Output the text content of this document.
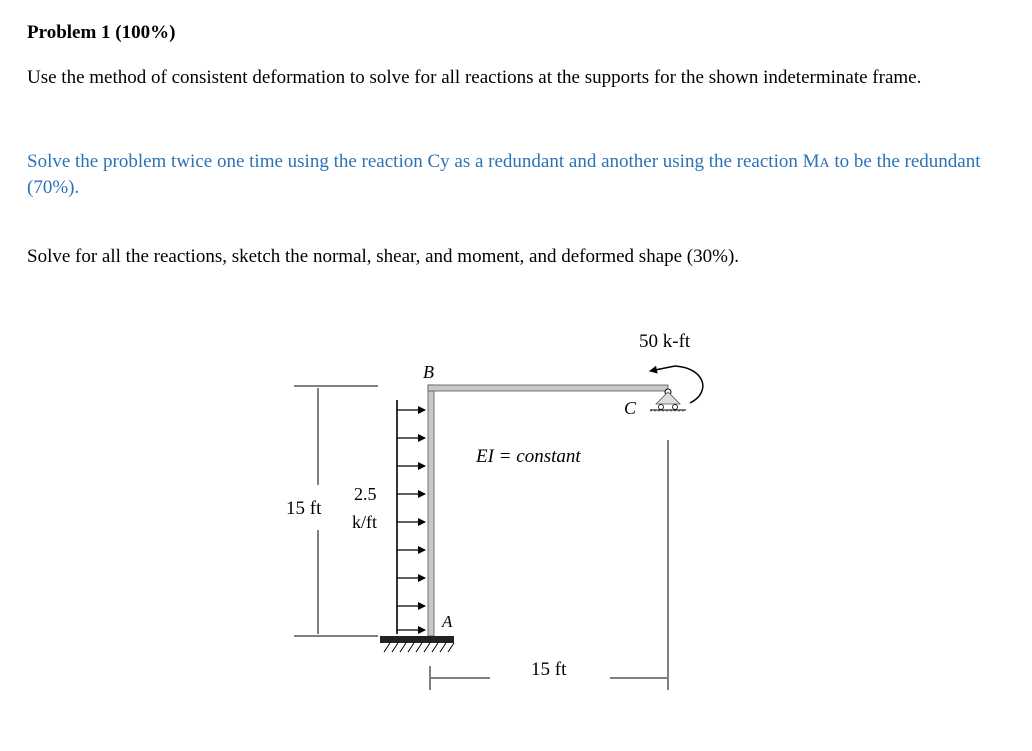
Problem 1 (100%)
Use the method of consistent deformation to solve for all reactions at the supports for the shown indeterminate frame.
Solve the problem twice one time using the reaction Cy as a redundant and another using the reaction MA to be the redundant (70%).
Solve for all the reactions, sketch the normal, shear, and moment, and deformed shape (30%).
B
A
C
50 k-ft
EI = constant
15 ft
2.5
k/ft
15 ft
